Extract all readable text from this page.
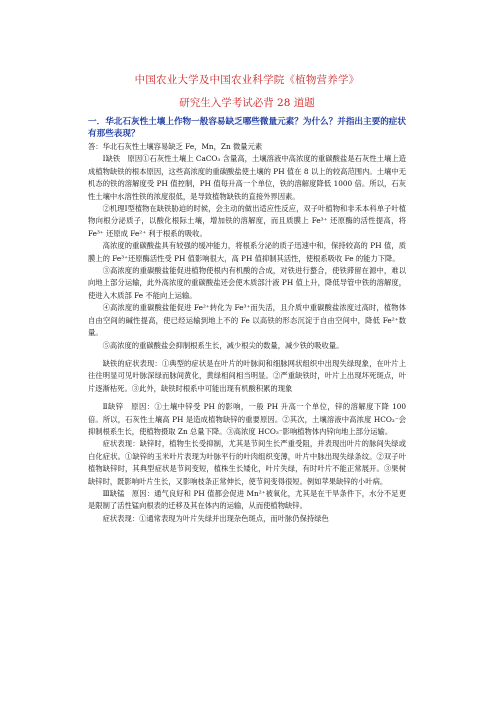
中国农业大学及中国农业科学院《植物营养学》
研究生入学考试必背 28 道题
一．华北石灰性土壤上作物一般容易缺乏哪些微量元素？为什么？并指出主要的症状有那些表现？

答：华北石灰性土壤容易缺乏 Fe，Mn，Zn 微量元素

Ⅰ缺铁　原因①石灰性土壤上 CaCO₃ 含量高，土壤溶液中高浓度的重碳酸盐是石灰性土壤上造成植物缺铁的根本原因，这些高浓度的重碳酸盐使土壤的 PH 值在 8 以上的较高范围内。土壤中无机态的铁的溶解度受 PH 值控制，PH 值每升高一个单位，铁的溶解度降低 1000 倍。所以，石灰性土壤中水溶性铁的浓度很低，是导致植物缺铁的直接外界因素。

②机理Ⅰ型植物在缺铁胁迫的时候，会主动的做出适应性反应，双子叶植物和非禾本科单子叶植物向根分泌质子，以酸化根际土壤，增加铁的溶解度，而且质膜上 Fe³⁺ 还原酶的活性提高，将 Fe³⁺ 还原成 Fe²⁺ 利于根系的吸收。

高浓度的重碳酸盐具有较强的缓冲能力，将根系分泌的质子迅速中和，保持较高的 PH 值，质膜上的 Fe³⁺还原酶活性受 PH 值影响很大，高 PH 值抑制其活性，使根系吸收 Fe 的能力下降。

③高浓度的重碳酸盐能促进植物使根内有机酸的合成，对铁进行螯合，使铁滞留在源中，难以向地上部分运输，此外高浓度的重碳酸盐还会使木质部汁液 PH 值上升，降低导管中铁的溶解度，使进入木质部 Fe 不能向上运输。

④高浓度的重碳酸盐能促进 Fe²⁺转化为 Fe³⁺而失活，且介质中重碳酸盐浓度过高时，植物体自由空间的碱性提高，使已经运输到地上不的 Fe 以高铁的形态沉淀于自由空间中，降低 Fe²⁺数量。

⑤高浓度的重碳酸盐会抑制根系生长，减少根尖的数量，减少铁的吸收量。

缺铁的症状表现：①典型的症状是在叶片的叶脉间和细脉网状组织中出现失绿现象，在叶片上往往明显可见叶脉深绿而脉间黄化，黄绿相间相当明显。②严重缺铁时，叶片上出现坏死斑点，叶片逐渐枯死。③此外，缺铁时根系中可能出现有机酸积累的现象

Ⅱ缺锌　原因：①土壤中锌受 PH 的影响，一般 PH 升高一个单位，锌的溶解度下降 100 倍。所以，石灰性土壤高 PH 是造成植物缺锌的重要原因。②其次，土壤溶液中高浓度 HCO₃⁻会抑制根系生长，使植物摄取 Zn 总量下降。③高浓度 HCO₃⁻影响植物体内锌向地上部分运输。

症状表现：缺锌时，植物生长受抑制，尤其是节间生长严重受阻，并表现出叶片的脉间失绿或白化症状。①缺锌的玉米叶片表现为叶脉平行的叶肉组织变薄，叶片中脉出现失绿条纹。②双子叶植物缺锌时，其典型症状是节间变短，植株生长矮化，叶片失绿，有时叶片不能正常展开。③果树缺锌时，既影响叶片生长，又影响枝条正常伸长，使节间变得很短。例如苹果缺锌的小叶病。

Ⅲ缺锰　原因：通气良好和 PH 值都会促进 Mn²⁺被氧化，尤其是在干旱条件下，水分不足更是限制了活性锰向根表的迁移及其在体内的运输，从而使植物缺锌。

症状表现：①通常表现为叶片失绿并出现杂色斑点，而叶脉仍保持绿色
